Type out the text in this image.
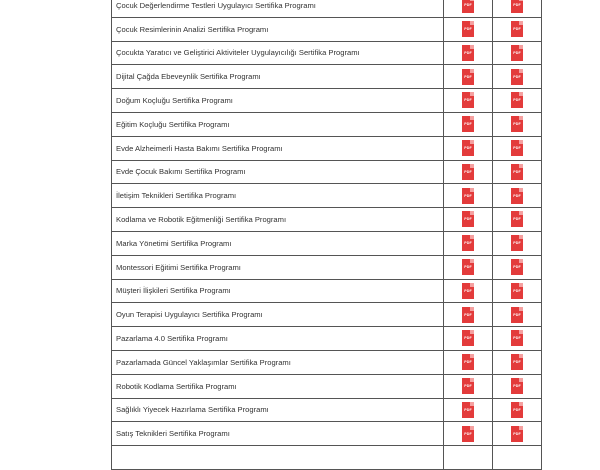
Çocuk Değerlendirme Testleri Uygulayıcı Sertifika Programı	PDF	PDF

Çocuk Resimlerinin Analizi Sertifika Programı	PDF	PDF

Çocukta Yaratıcı ve Geliştirici Aktiviteler Uygulayıcılığı Sertifika Programı	PDF	PDF

Dijital Çağda Ebeveynlik Sertifika Programı	PDF	PDF

Doğum Koçluğu Sertifika Programı	PDF	PDF

Eğitim Koçluğu Sertifika Programı	PDF	PDF

Evde Alzheimerli Hasta Bakımı Sertifika Programı	PDF	PDF

Evde Çocuk Bakımı Sertifika Programı	PDF	PDF

İletişim Teknikleri Sertifika Programı	PDF	PDF

Kodlama ve Robotik Eğitmenliği Sertifika Programı	PDF	PDF

Marka Yönetimi Sertifika Programı	PDF	PDF

Montessori Eğitimi Sertifika Programı	PDF	PDF

Müşteri İlişkileri Sertifika Programı	PDF	PDF

Oyun Terapisi Uygulayıcı Sertifika Programı	PDF	PDF

Pazarlama 4.0 Sertifika Programı	PDF	PDF

Pazarlamada Güncel Yaklaşımlar Sertifika Programı	PDF	PDF

Robotik Kodlama Sertifika Programı	PDF	PDF

Sağlıklı Yiyecek Hazırlama Sertifika Programı	PDF	PDF

Satış Teknikleri Sertifika Programı	PDF	PDF
